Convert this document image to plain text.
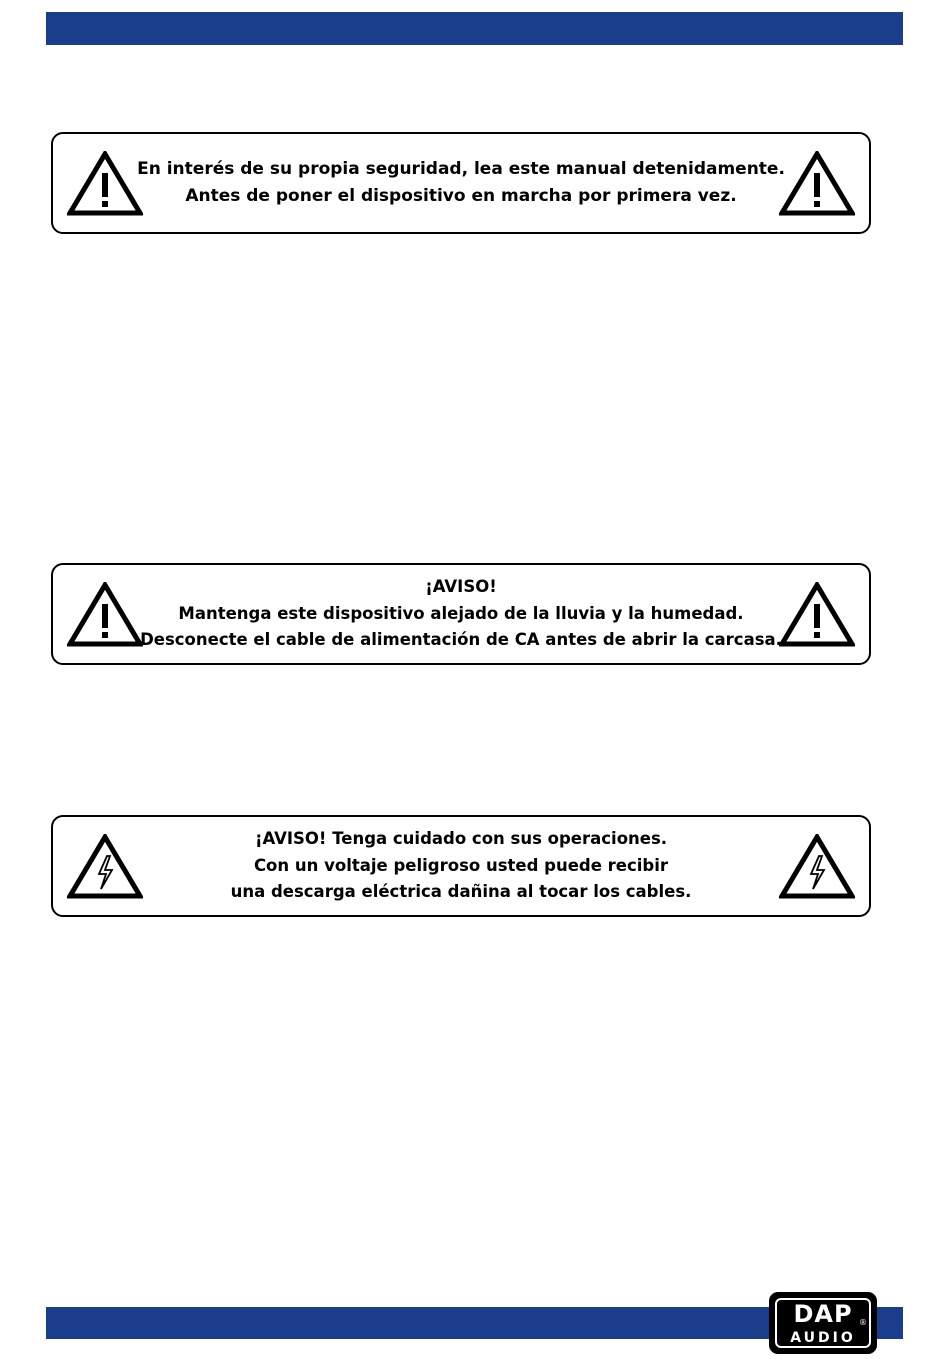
En interés de su propia seguridad, lea este manual detenidamente.
Antes de poner el dispositivo en marcha por primera vez.
¡AVISO!
Mantenga este dispositivo alejado de la lluvia y la humedad.
Desconecte el cable de alimentación de CA antes de abrir la carcasa.
¡AVISO! Tenga cuidado con sus operaciones.
Con un voltaje peligroso usted puede recibir
una descarga eléctrica dañina al tocar los cables.
DAP ®
AUDIO
